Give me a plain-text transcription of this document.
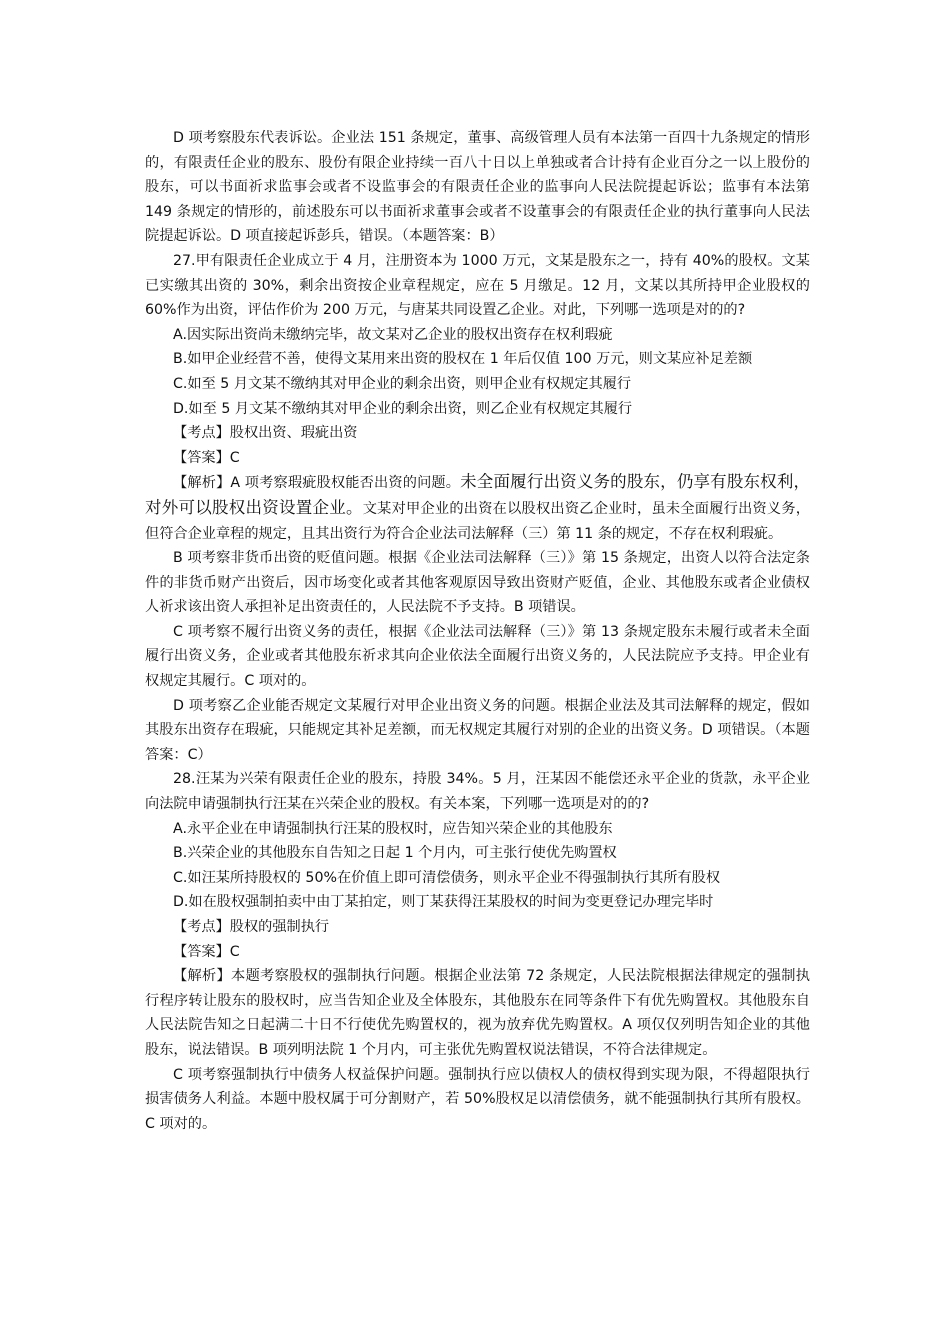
D 项考察股东代表诉讼。企业法 151 条规定，董事、高级管理人员有本法第一百四十九条规定的情形的，有限责任企业的股东、股份有限企业持续一百八十日以上单独或者合计持有企业百分之一以上股份的股东，可以书面祈求监事会或者不设监事会的有限责任企业的监事向人民法院提起诉讼；监事有本法第 149 条规定的情形的，前述股东可以书面祈求董事会或者不设董事会的有限责任企业的执行董事向人民法院提起诉讼。D 项直接起诉彭兵，错误。（本题答案：B）

27.甲有限责任企业成立于 4 月，注册资本为 1000 万元，文某是股东之一，持有 40%的股权。文某已实缴其出资的 30%，剩余出资按企业章程规定，应在 5 月缴足。12 月，文某以其所持甲企业股权的 60%作为出资，评估作价为 200 万元，与唐某共同设置乙企业。对此，下列哪一选项是对的的?

A.因实际出资尚未缴纳完毕，故文某对乙企业的股权出资存在权利瑕疵

B.如甲企业经营不善，使得文某用来出资的股权在 1 年后仅值 100 万元，则文某应补足差额

C.如至 5 月文某不缴纳其对甲企业的剩余出资，则甲企业有权规定其履行

D.如至 5 月文某不缴纳其对甲企业的剩余出资，则乙企业有权规定其履行

【考点】股权出资、瑕疵出资

【答案】C

【解析】A 项考察瑕疵股权能否出资的问题。未全面履行出资义务的股东，仍享有股东权利，对外可以股权出资设置企业。文某对甲企业的出资在以股权出资乙企业时，虽未全面履行出资义务，但符合企业章程的规定，且其出资行为符合企业法司法解释（三）第 11 条的规定，不存在权利瑕疵。

B 项考察非货币出资的贬值问题。根据《企业法司法解释（三）》第 15 条规定，出资人以符合法定条件的非货币财产出资后，因市场变化或者其他客观原因导致出资财产贬值，企业、其他股东或者企业债权人祈求该出资人承担补足出资责任的，人民法院不予支持。B 项错误。

C 项考察不履行出资义务的责任，根据《企业法司法解释（三）》第 13 条规定股东未履行或者未全面履行出资义务，企业或者其他股东祈求其向企业依法全面履行出资义务的，人民法院应予支持。甲企业有权规定其履行。C 项对的。

D 项考察乙企业能否规定文某履行对甲企业出资义务的问题。根据企业法及其司法解释的规定，假如其股东出资存在瑕疵，只能规定其补足差额，而无权规定其履行对别的企业的出资义务。D 项错误。（本题答案：C）

28.汪某为兴荣有限责任企业的股东，持股 34%。5 月，汪某因不能偿还永平企业的货款，永平企业向法院申请强制执行汪某在兴荣企业的股权。有关本案，下列哪一选项是对的的?

A.永平企业在申请强制执行汪某的股权时，应告知兴荣企业的其他股东

B.兴荣企业的其他股东自告知之日起 1 个月内，可主张行使优先购置权

C.如汪某所持股权的 50%在价值上即可清偿债务，则永平企业不得强制执行其所有股权

D.如在股权强制拍卖中由丁某拍定，则丁某获得汪某股权的时间为变更登记办理完毕时

【考点】股权的强制执行

【答案】C

【解析】本题考察股权的强制执行问题。根据企业法第 72 条规定，人民法院根据法律规定的强制执行程序转让股东的股权时，应当告知企业及全体股东，其他股东在同等条件下有优先购置权。其他股东自人民法院告知之日起满二十日不行使优先购置权的，视为放弃优先购置权。A 项仅仅列明告知企业的其他股东，说法错误。B 项列明法院 1 个月内，可主张优先购置权说法错误，不符合法律规定。

C 项考察强制执行中债务人权益保护问题。强制执行应以债权人的债权得到实现为限，不得超限执行损害债务人利益。本题中股权属于可分割财产，若 50%股权足以清偿债务，就不能强制执行其所有股权。C 项对的。
